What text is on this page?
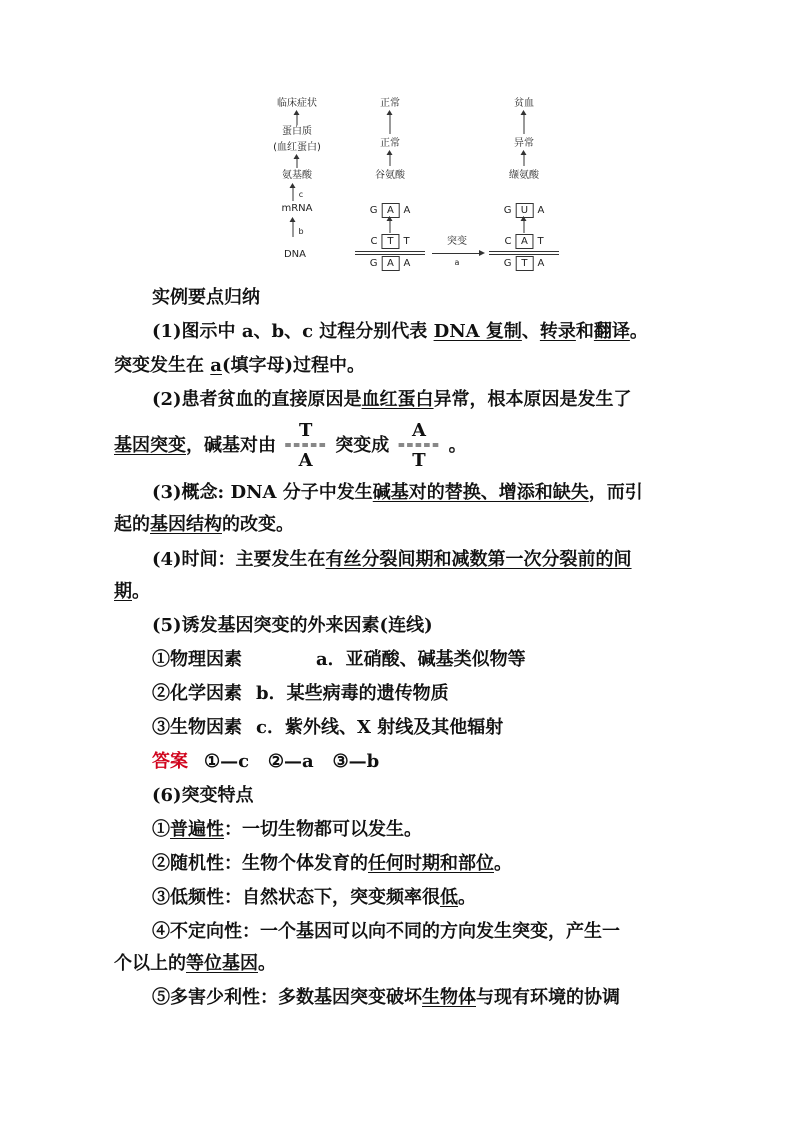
临床症状
蛋白质
(血红蛋白)
氨基酸
c
mRNA
b
DNA
正常
正常
谷氨酸
G A A
C T T
G A A
突变
a
贫血
异常
缬氨酸
G U A
C A T
G T A
实例要点归纳
(1)图示中 a、b、c 过程分别代表 DNA 复制、转录和翻译。
突变发生在 a(填字母)过程中。
(2)患者贫血的直接原因是血红蛋白异常，根本原因是发生了
基因突变，碱基对由
T
=====
A
突变成
A
=====
T
。
(3)概念: DNA 分子中发生碱基对的替换、增添和缺失，而引
起的基因结构的改变。
(4)时间：主要发生在有丝分裂间期和减数第一次分裂前的间
期。
(5)诱发基因突变的外来因素(连线)
①物理因素	a．亚硝酸、碱基类似物等
②化学因素 b．某些病毒的遗传物质
③生物因素 c．紫外线、X 射线及其他辐射
答案 ①—c   ②—a   ③—b
(6)突变特点
①普遍性：一切生物都可以发生。
②随机性：生物个体发育的任何时期和部位。
③低频性：自然状态下，突变频率很低。
④不定向性：一个基因可以向不同的方向发生突变，产生一
个以上的等位基因。
⑤多害少利性：多数基因突变破坏生物体与现有环境的协调
